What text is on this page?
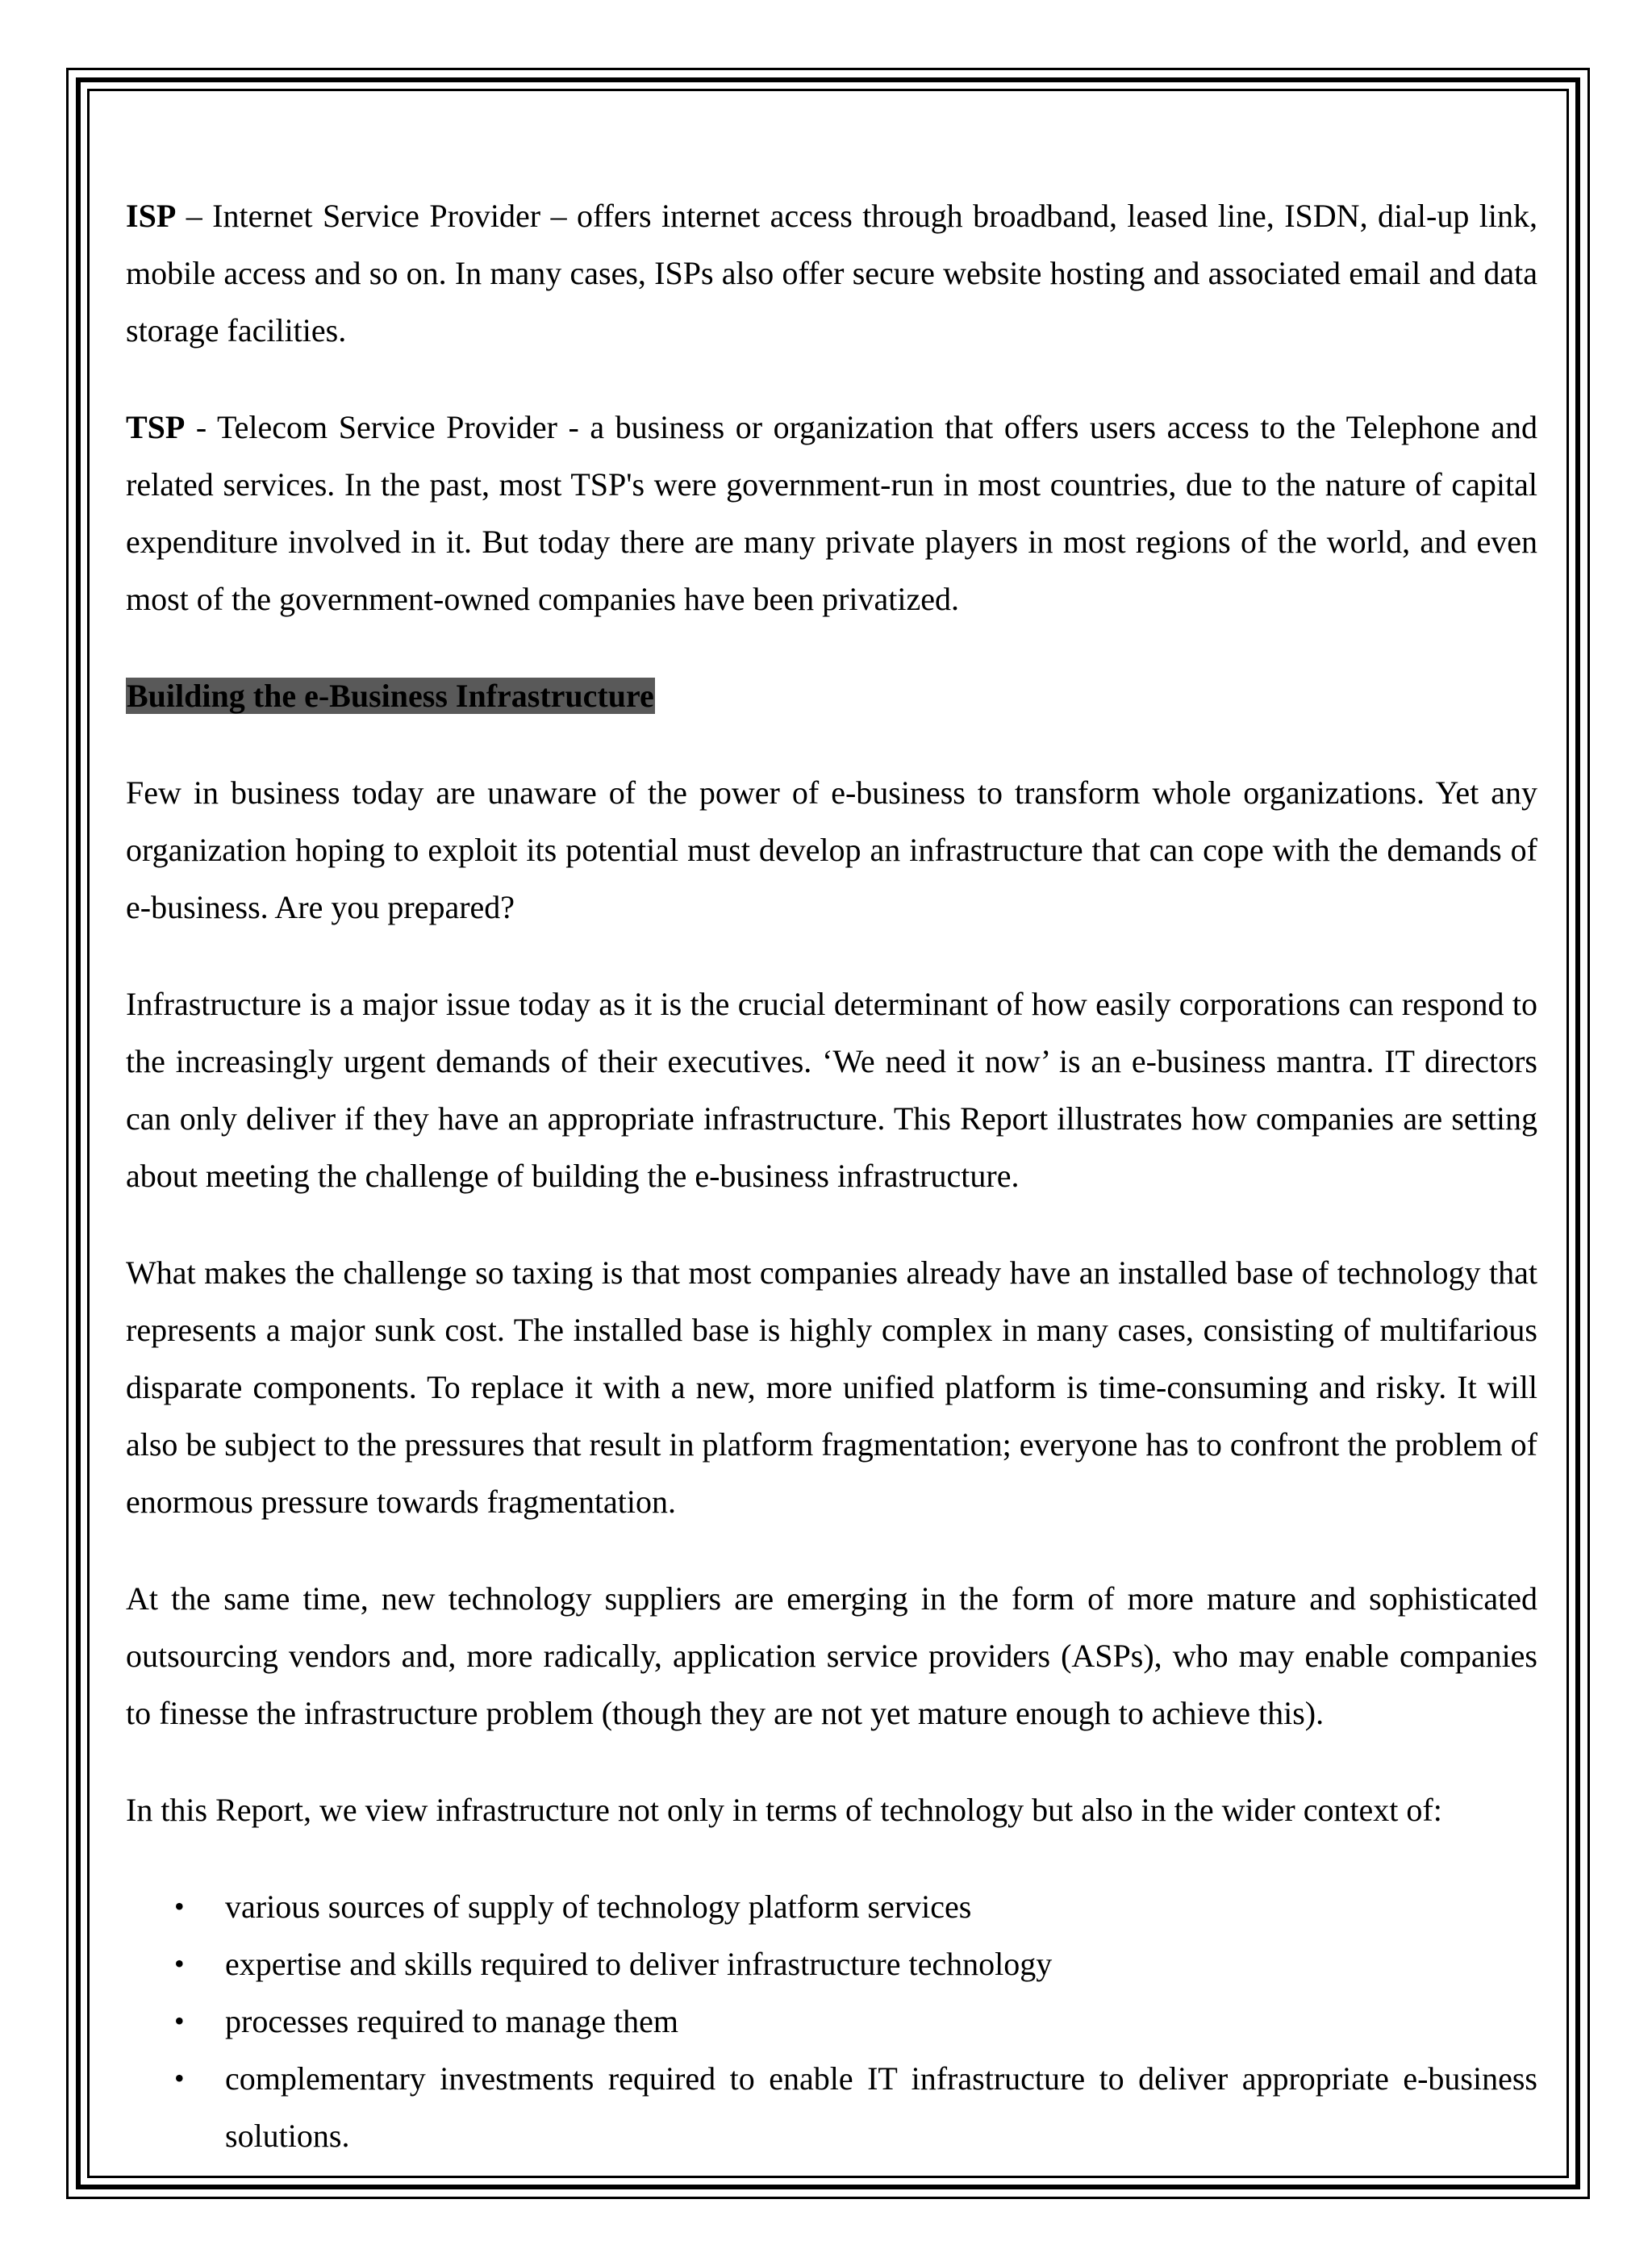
ISP – Internet Service Provider – offers internet access through broadband, leased line, ISDN, dial-up link, mobile access and so on. In many cases, ISPs also offer secure website hosting and associated email and data storage facilities.

TSP - Telecom Service Provider - a business or organization that offers users access to the Telephone and related services. In the past, most TSP's were government-run in most countries, due to the nature of capital expenditure involved in it. But today there are many private players in most regions of the world, and even most of the government-owned companies have been privatized.

Building the e-Business Infrastructure

Few in business today are unaware of the power of e-business to transform whole organizations. Yet any organization hoping to exploit its potential must develop an infrastructure that can cope with the demands of e-business. Are you prepared?

Infrastructure is a major issue today as it is the crucial determinant of how easily corporations can respond to the increasingly urgent demands of their executives. ‘We need it now’ is an e-business mantra. IT directors can only deliver if they have an appropriate infrastructure. This Report illustrates how companies are setting about meeting the challenge of building the e-business infrastructure.

What makes the challenge so taxing is that most companies already have an installed base of technology that represents a major sunk cost. The installed base is highly complex in many cases, consisting of multifarious disparate components. To replace it with a new, more unified platform is time-consuming and risky. It will also be subject to the pressures that result in platform fragmentation; everyone has to confront the problem of enormous pressure towards fragmentation.

At the same time, new technology suppliers are emerging in the form of more mature and sophisticated outsourcing vendors and, more radically, application service providers (ASPs), who may enable companies to finesse the infrastructure problem (though they are not yet mature enough to achieve this).

In this Report, we view infrastructure not only in terms of technology but also in the wider context of:

• various sources of supply of technology platform services
• expertise and skills required to deliver infrastructure technology
• processes required to manage them
• complementary investments required to enable IT infrastructure to deliver appropriate e-business solutions.
